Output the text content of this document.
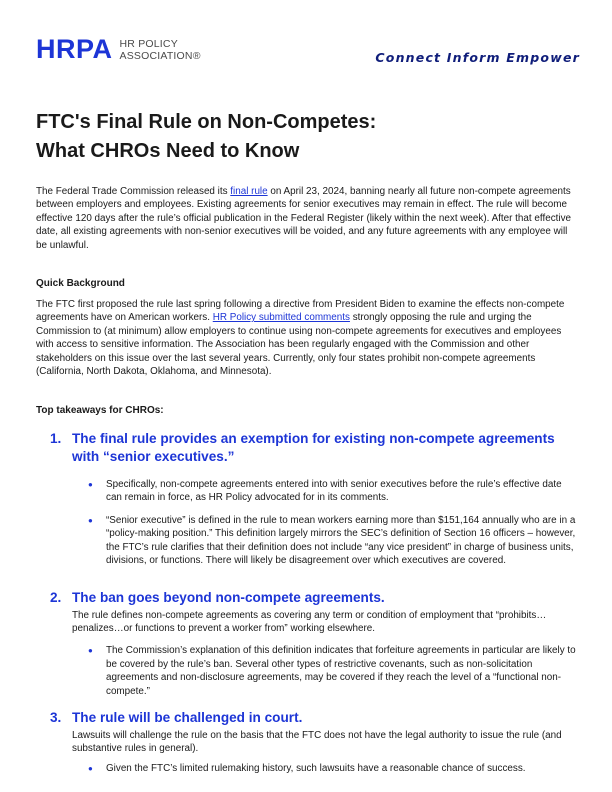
HRPA HR POLICY
ASSOCIATION®	Connect Inform Empower
FTC's Final Rule on Non-Competes:
What CHROs Need to Know

The Federal Trade Commission released its final rule on April 23, 2024, banning nearly all future non-compete agreements between employers and employees. Existing agreements for senior executives may remain in effect. The rule will become effective 120 days after the rule’s official publication in the Federal Register (likely within the next week). After that effective date, all existing agreements with non-senior executives will be voided, and any future agreements with any employee will be unlawful.

Quick Background

The FTC first proposed the rule last spring following a directive from President Biden to examine the effects non-compete agreements have on American workers. HR Policy submitted comments strongly opposing the rule and urging the Commission to (at minimum) allow employers to continue using non-compete agreements for executives and employees with access to sensitive information. The Association has been regularly engaged with the Commission and other stakeholders on this issue over the last several years. Currently, only four states prohibit non-compete agreements (California, North Dakota, Oklahoma, and Minnesota).

Top takeaways for CHROs:
1. The final rule provides an exemption for existing non-compete agreements with “senior executives.”
●	Specifically, non-compete agreements entered into with senior executives before the rule’s effective date can remain in force, as HR Policy advocated for in its comments.
●	“Senior executive” is defined in the rule to mean workers earning more than $151,164 annually who are in a “policy-making position.” This definition largely mirrors the SEC’s definition of Section 16 officers – however, the FTC’s rule clarifies that their definition does not include “any vice president” in charge of business units, divisions, or functions. There will likely be disagreement over which executives are covered.
2. The ban goes beyond non-compete agreements.

The rule defines non-compete agreements as covering any term or condition of employment that “prohibits…penalizes…or functions to prevent a worker from” working elsewhere.

●	The Commission’s explanation of this definition indicates that forfeiture agreements in particular are likely to be covered by the rule’s ban. Several other types of restrictive covenants, such as non-solicitation agreements and non-disclosure agreements, may be covered if they reach the level of a “functional non-compete.”
3. The rule will be challenged in court.

Lawsuits will challenge the rule on the basis that the FTC does not have the legal authority to issue the rule (and substantive rules in general).

●	Given the FTC’s limited rulemaking history, such lawsuits have a reasonable chance of success.
